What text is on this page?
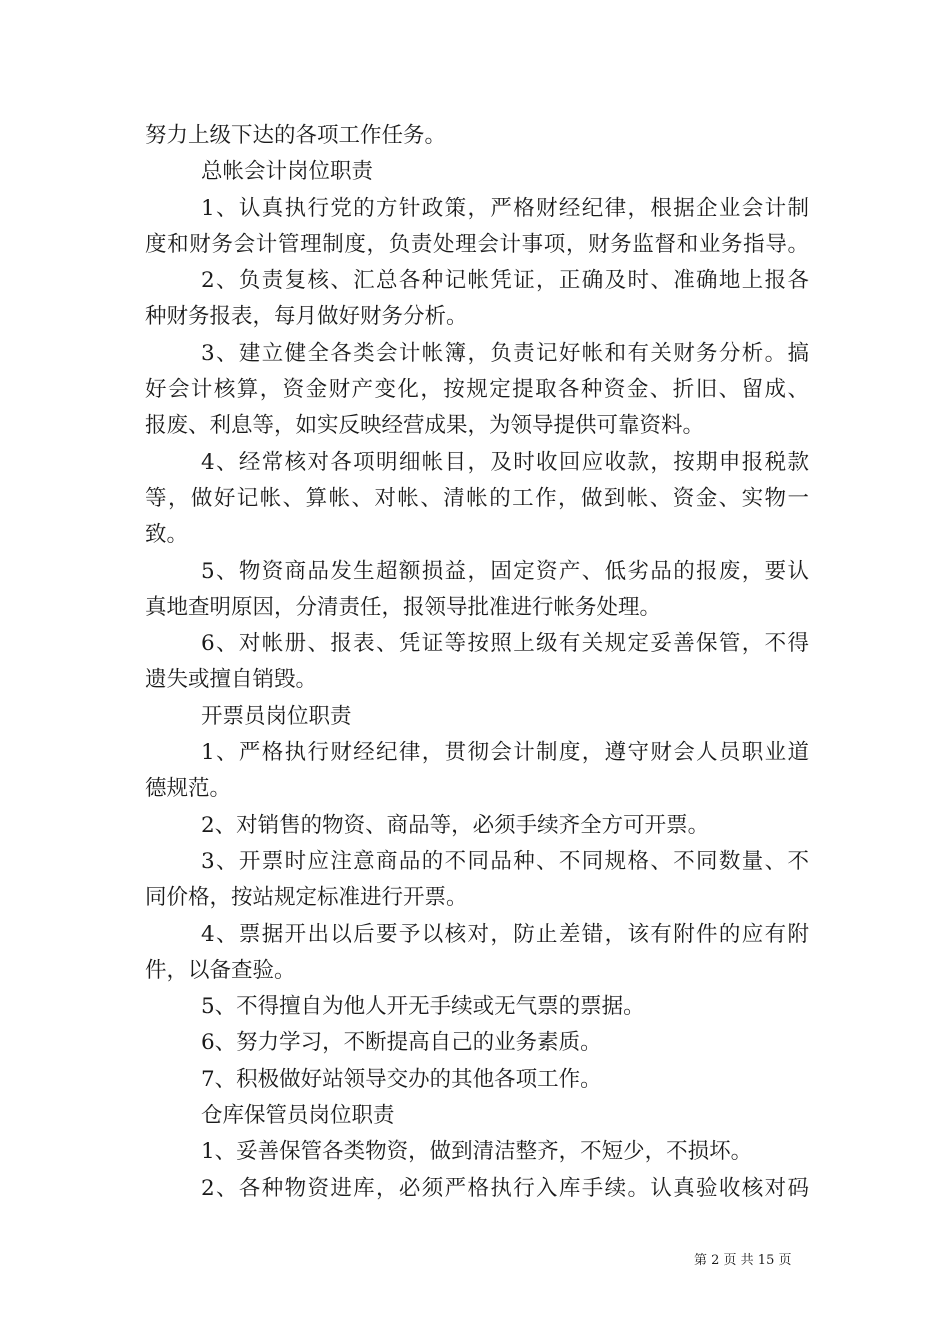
努力上级下达的各项工作任务。

总帐会计岗位职责

1、认真执行党的方针政策，严格财经纪律，根据企业会计制

度和财务会计管理制度，负责处理会计事项，财务监督和业务指导。

2、负责复核、汇总各种记帐凭证，正确及时、准确地上报各

种财务报表，每月做好财务分析。

3、建立健全各类会计帐簿，负责记好帐和有关财务分析。搞

好会计核算，资金财产变化，按规定提取各种资金、折旧、留成、

报废、利息等，如实反映经营成果，为领导提供可靠资料。

4、经常核对各项明细帐目，及时收回应收款，按期申报税款

等，做好记帐、算帐、对帐、清帐的工作，做到帐、资金、实物一

致。

5、物资商品发生超额损益，固定资产、低劣品的报废，要认

真地查明原因，分清责任，报领导批准进行帐务处理。

6、对帐册、报表、凭证等按照上级有关规定妥善保管，不得

遗失或擅自销毁。

开票员岗位职责

1、严格执行财经纪律，贯彻会计制度，遵守财会人员职业道

德规范。

2、对销售的物资、商品等，必须手续齐全方可开票。

3、开票时应注意商品的不同品种、不同规格、不同数量、不

同价格，按站规定标准进行开票。

4、票据开出以后要予以核对，防止差错，该有附件的应有附

件，以备查验。

5、不得擅自为他人开无手续或无气票的票据。

6、努力学习，不断提高自己的业务素质。

7、积极做好站领导交办的其他各项工作。

仓库保管员岗位职责

1、妥善保管各类物资，做到清洁整齐，不短少，不损坏。

2、各种物资进库，必须严格执行入库手续。认真验收核对码

第 2 页 共 15 页
